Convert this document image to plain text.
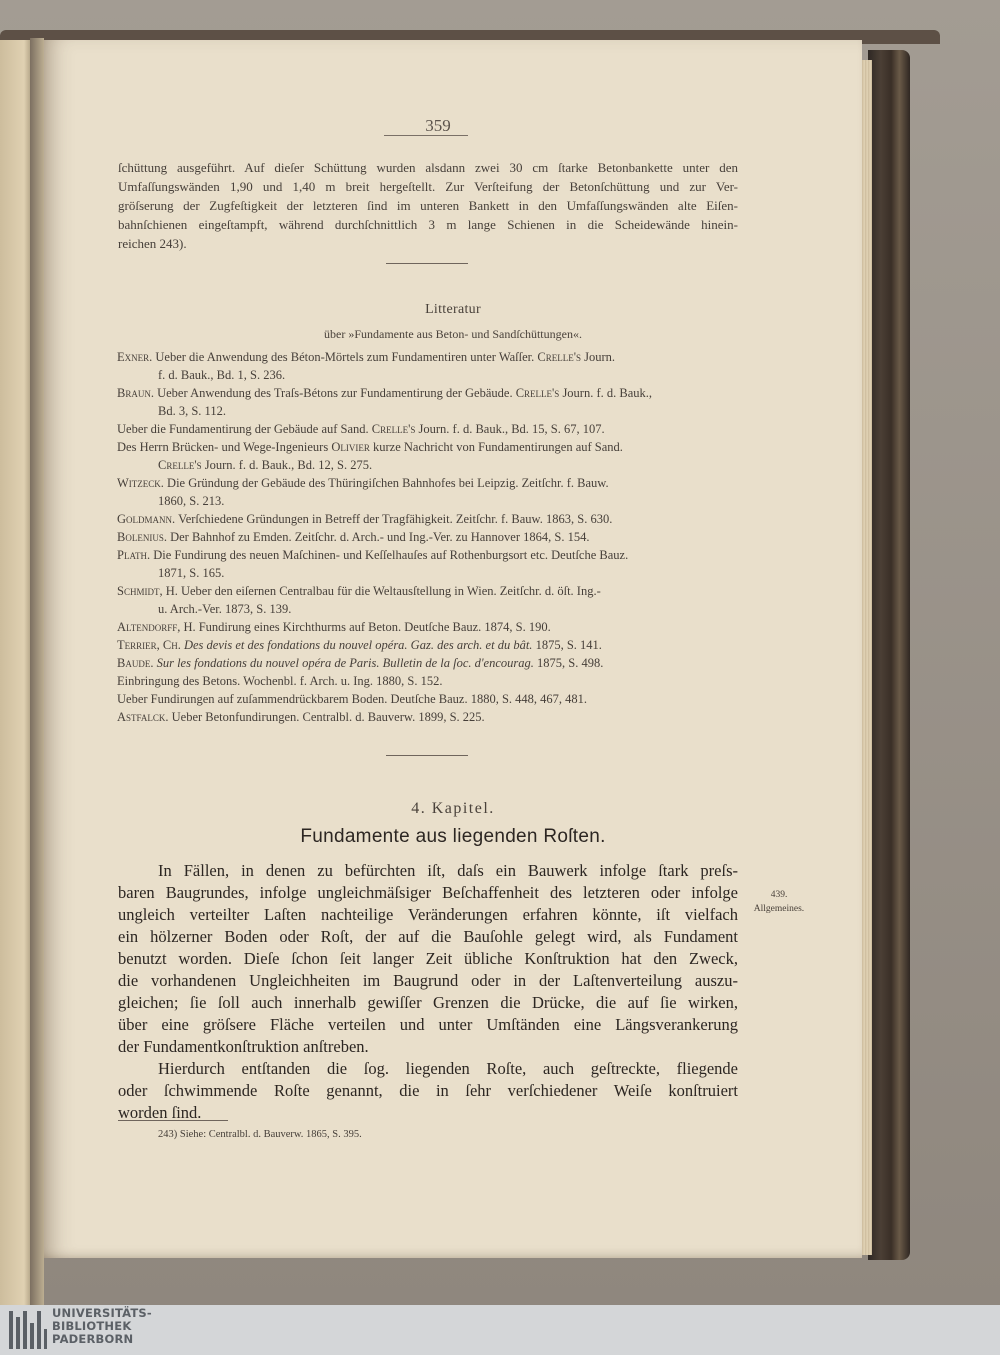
359
ſchüttung ausgeführt. Auf dieſer Schüttung wurden alsdann zwei 30 cm ſtarke Betonbankette unter den
Umfaſſungswänden 1,90 und 1,40 m breit hergeſtellt. Zur Verſteifung der Betonſchüttung und zur Ver-
gröſserung der Zugfeſtigkeit der letzteren ſind im unteren Bankett in den Umfaſſungswänden alte Eiſen-
bahnſchienen eingeſtampft, während durchſchnittlich 3 m lange Schienen in die Scheidewände hinein-
reichen 243).
Litteratur
über »Fundamente aus Beton- und Sandſchüttungen«.
Exner. Ueber die Anwendung des Béton-Mörtels zum Fundamentiren unter Waſſer. Crelle's Journ.
f. d. Bauk., Bd. 1, S. 236.
Braun. Ueber Anwendung des Traſs-Bétons zur Fundamentirung der Gebäude. Crelle's Journ. f. d. Bauk.,
Bd. 3, S. 112.
Ueber die Fundamentirung der Gebäude auf Sand. Crelle's Journ. f. d. Bauk., Bd. 15, S. 67, 107.
Des Herrn Brücken- und Wege-Ingenieurs Olivier kurze Nachricht von Fundamentirungen auf Sand.
Crelle's Journ. f. d. Bauk., Bd. 12, S. 275.
Witzeck. Die Gründung der Gebäude des Thüringiſchen Bahnhofes bei Leipzig. Zeitſchr. f. Bauw.
1860, S. 213.
Goldmann. Verſchiedene Gründungen in Betreff der Tragfähigkeit. Zeitſchr. f. Bauw. 1863, S. 630.
Bolenius. Der Bahnhof zu Emden. Zeitſchr. d. Arch.- und Ing.-Ver. zu Hannover 1864, S. 154.
Plath. Die Fundirung des neuen Maſchinen- und Keſſelhauſes auf Rothenburgsort etc. Deutſche Bauz.
1871, S. 165.
Schmidt, H. Ueber den eiſernen Centralbau für die Weltausſtellung in Wien. Zeitſchr. d. öſt. Ing.-
u. Arch.-Ver. 1873, S. 139.
Altendorff, H. Fundirung eines Kirchthurms auf Beton. Deutſche Bauz. 1874, S. 190.
Terrier, Ch. Des devis et des fondations du nouvel opéra. Gaz. des arch. et du bât. 1875, S. 141.
Baude. Sur les fondations du nouvel opéra de Paris. Bulletin de la ſoc. d'encourag. 1875, S. 498.
Einbringung des Betons. Wochenbl. f. Arch. u. Ing. 1880, S. 152.
Ueber Fundirungen auf zuſammendrückbarem Boden. Deutſche Bauz. 1880, S. 448, 467, 481.
Astfalck. Ueber Betonfundirungen. Centralbl. d. Bauverw. 1899, S. 225.
4. Kapitel.
Fundamente aus liegenden Roſten.
In Fällen, in denen zu befürchten iſt, daſs ein Bauwerk infolge ſtark preſs-
baren Baugrundes, infolge ungleichmäſsiger Beſchaffenheit des letzteren oder infolge
ungleich verteilter Laſten nachteilige Veränderungen erfahren könnte, iſt vielfach
ein hölzerner Boden oder Roſt, der auf die Bauſohle gelegt wird, als Fundament
benutzt worden. Dieſe ſchon ſeit langer Zeit übliche Konſtruktion hat den Zweck,
die vorhandenen Ungleichheiten im Baugrund oder in der Laſtenverteilung auszu-
gleichen; ſie ſoll auch innerhalb gewiſſer Grenzen die Drücke, die auf ſie wirken,
über eine gröſsere Fläche verteilen und unter Umſtänden eine Längsverankerung
der Fundamentkonſtruktion anſtreben.
Hierdurch entſtanden die ſog. liegenden Roſte, auch geſtreckte, fliegende
oder ſchwimmende Roſte genannt, die in ſehr verſchiedener Weiſe konſtruiert
worden ſind.
439.
Allgemeines.
243) Siehe: Centralbl. d. Bauverw. 1865, S. 395.
UNIVERSITÄTS-
BIBLIOTHEK
PADERBORN
